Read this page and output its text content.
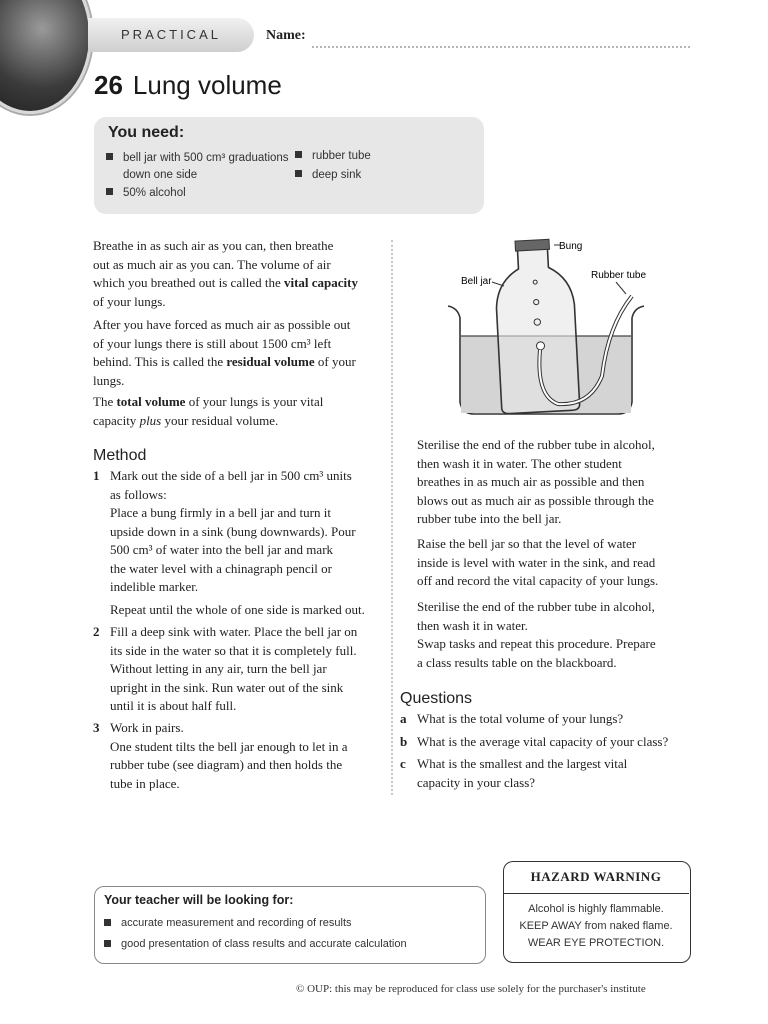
PRACTICAL	Name:
26 Lung volume
You need:
bell jar with 500 cm³ graduations
down one side
50% alcohol
rubber tube
deep sink
Breathe in as such air as you can, then breathe
out as much air as you can. The volume of air
which you breathed out is called the vital capacity
of your lungs.
After you have forced as much air as possible out
of your lungs there is still about 1500 cm³ left
behind. This is called the residual volume of your
lungs.
The total volume of your lungs is your vital
capacity plus your residual volume.
Method
1 Mark out the side of a bell jar in 500 cm³ units
as follows:
Place a bung firmly in a bell jar and turn it
upside down in a sink (bung downwards). Pour
500 cm³ of water into the bell jar and mark
the water level with a chinagraph pencil or
indelible marker.
Repeat until the whole of one side is marked out.
2 Fill a deep sink with water. Place the bell jar on
its side in the water so that it is completely full.
Without letting in any air, turn the bell jar
upright in the sink. Run water out of the sink
until it is about half full.
3 Work in pairs.
One student tilts the bell jar enough to let in a
rubber tube (see diagram) and then holds the
tube in place.
Bung
Bell jar
Rubber tube
Sterilise the end of the rubber tube in alcohol,
then wash it in water. The other student
breathes in as much air as possible and then
blows out as much air as possible through the
rubber tube into the bell jar.
Raise the bell jar so that the level of water
inside is level with water in the sink, and read
off and record the vital capacity of your lungs.
Sterilise the end of the rubber tube in alcohol,
then wash it in water.
Swap tasks and repeat this procedure. Prepare
a class results table on the blackboard.
Questions
a What is the total volume of your lungs?
b What is the average vital capacity of your class?
c What is the smallest and the largest vital
capacity in your class?
Your teacher will be looking for:
accurate measurement and recording of results
good presentation of class results and accurate calculation
HAZARD WARNING
Alcohol is highly flammable.
KEEP AWAY from naked flame.
WEAR EYE PROTECTION.
© OUP: this may be reproduced for class use solely for the purchaser's institute
